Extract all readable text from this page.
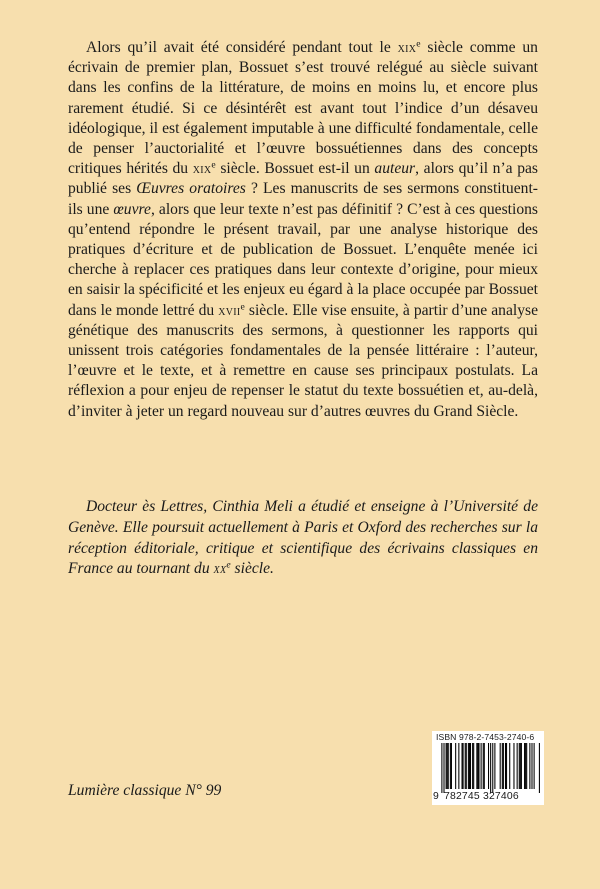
Alors qu’il avait été considéré pendant tout le xix$^e$ siècle comme un écrivain de premier plan, Bossuet s’est trouvé relégué au siècle suivant dans les confins de la littérature, de moins en moins lu, et encore plus rarement étudié. Si ce désintérêt est avant tout l’indice d’un désaveu idéologique, il est également imputable à une difficulté fondamentale, celle de penser l’auctorialité et l’œuvre bossuétiennes dans des concepts critiques hérités du xix$^e$ siècle. Bossuet est-il un auteur, alors qu’il n’a pas publié ses Œuvres oratoires ? Les manuscrits de ses sermons constituent-ils une œuvre, alors que leur texte n’est pas définitif ? C’est à ces questions qu’entend répondre le présent travail, par une analyse historique des pratiques d’écriture et de publication de Bossuet. L’enquête menée ici cherche à replacer ces pratiques dans leur contexte d’origine, pour mieux en saisir la spécificité et les enjeux eu égard à la place occupée par Bossuet dans le monde lettré du xvii$^e$ siècle. Elle vise ensuite, à partir d’une analyse génétique des manuscrits des sermons, à questionner les rapports qui unissent trois catégories fondamentales de la pensée littéraire : l’auteur, l’œuvre et le texte, et à remettre en cause ses principaux postulats. La réflexion a pour enjeu de repenser le statut du texte bossuétien et, au-delà, d’inviter à jeter un regard nouveau sur d’autres œuvres du Grand Siècle.

Docteur ès Lettres, Cinthia Meli a étudié et enseigne à l’Université de Genève. Elle poursuit actuellement à Paris et Oxford des recherches sur la réception éditoriale, critique et scientifique des écrivains classiques en France au tournant du $xx^e$ siècle.

Lumière classique N° 99

ISBN 978-2-7453-2740-6
9 782745 327406
